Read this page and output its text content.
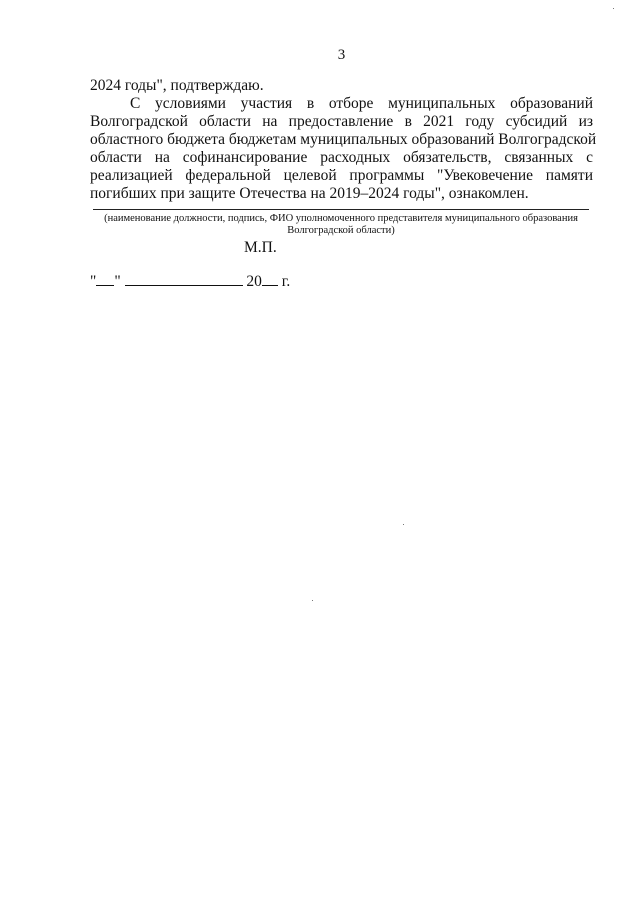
3
2024 годы", подтверждаю.
С условиями участия в отборе муниципальных образований
Волгоградской области на предоставление в 2021 году субсидий из
областного бюджета бюджетам муниципальных образований Волгоградской
области на софинансирование расходных обязательств, связанных с
реализацией федеральной целевой программы "Увековечение памяти
погибших при защите Отечества на 2019–2024 годы", ознакомлен.
(наименование должности, подпись, ФИО уполномоченного представителя муниципального образования
Волгоградской области)
М.П.
" "	20 г.
